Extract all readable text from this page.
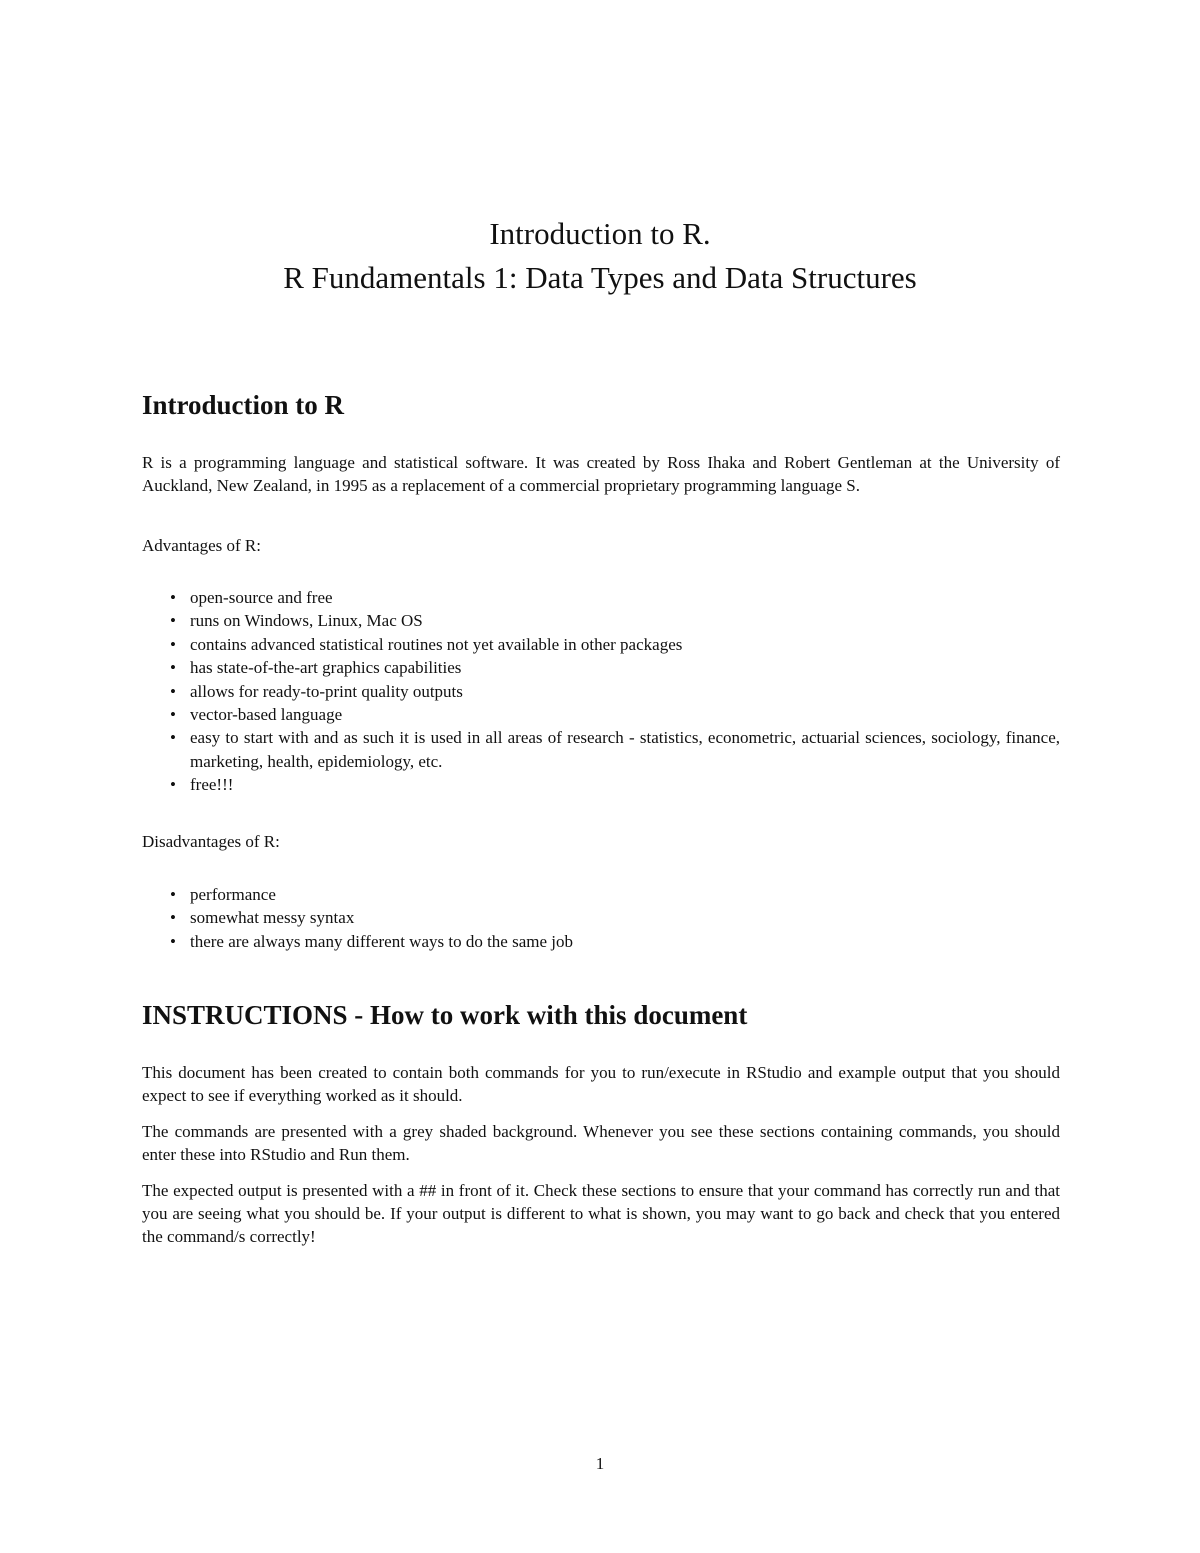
Introduction to R.
R Fundamentals 1: Data Types and Data Structures
Introduction to R

R is a programming language and statistical software. It was created by Ross Ihaka and Robert Gentleman at the University of Auckland, New Zealand, in 1995 as a replacement of a commercial proprietary programming language S.

Advantages of R:

• open-source and free
• runs on Windows, Linux, Mac OS
• contains advanced statistical routines not yet available in other packages
• has state-of-the-art graphics capabilities
• allows for ready-to-print quality outputs
• vector-based language
• easy to start with and as such it is used in all areas of research - statistics, econometric, actuarial sciences, sociology, finance, marketing, health, epidemiology, etc.
• free!!!

Disadvantages of R:

• performance
• somewhat messy syntax
• there are always many different ways to do the same job
INSTRUCTIONS - How to work with this document

This document has been created to contain both commands for you to run/execute in RStudio and example output that you should expect to see if everything worked as it should.

The commands are presented with a grey shaded background. Whenever you see these sections containing commands, you should enter these into RStudio and Run them.

The expected output is presented with a ## in front of it. Check these sections to ensure that your command has correctly run and that you are seeing what you should be. If your output is different to what is shown, you may want to go back and check that you entered the command/s correctly!

1
